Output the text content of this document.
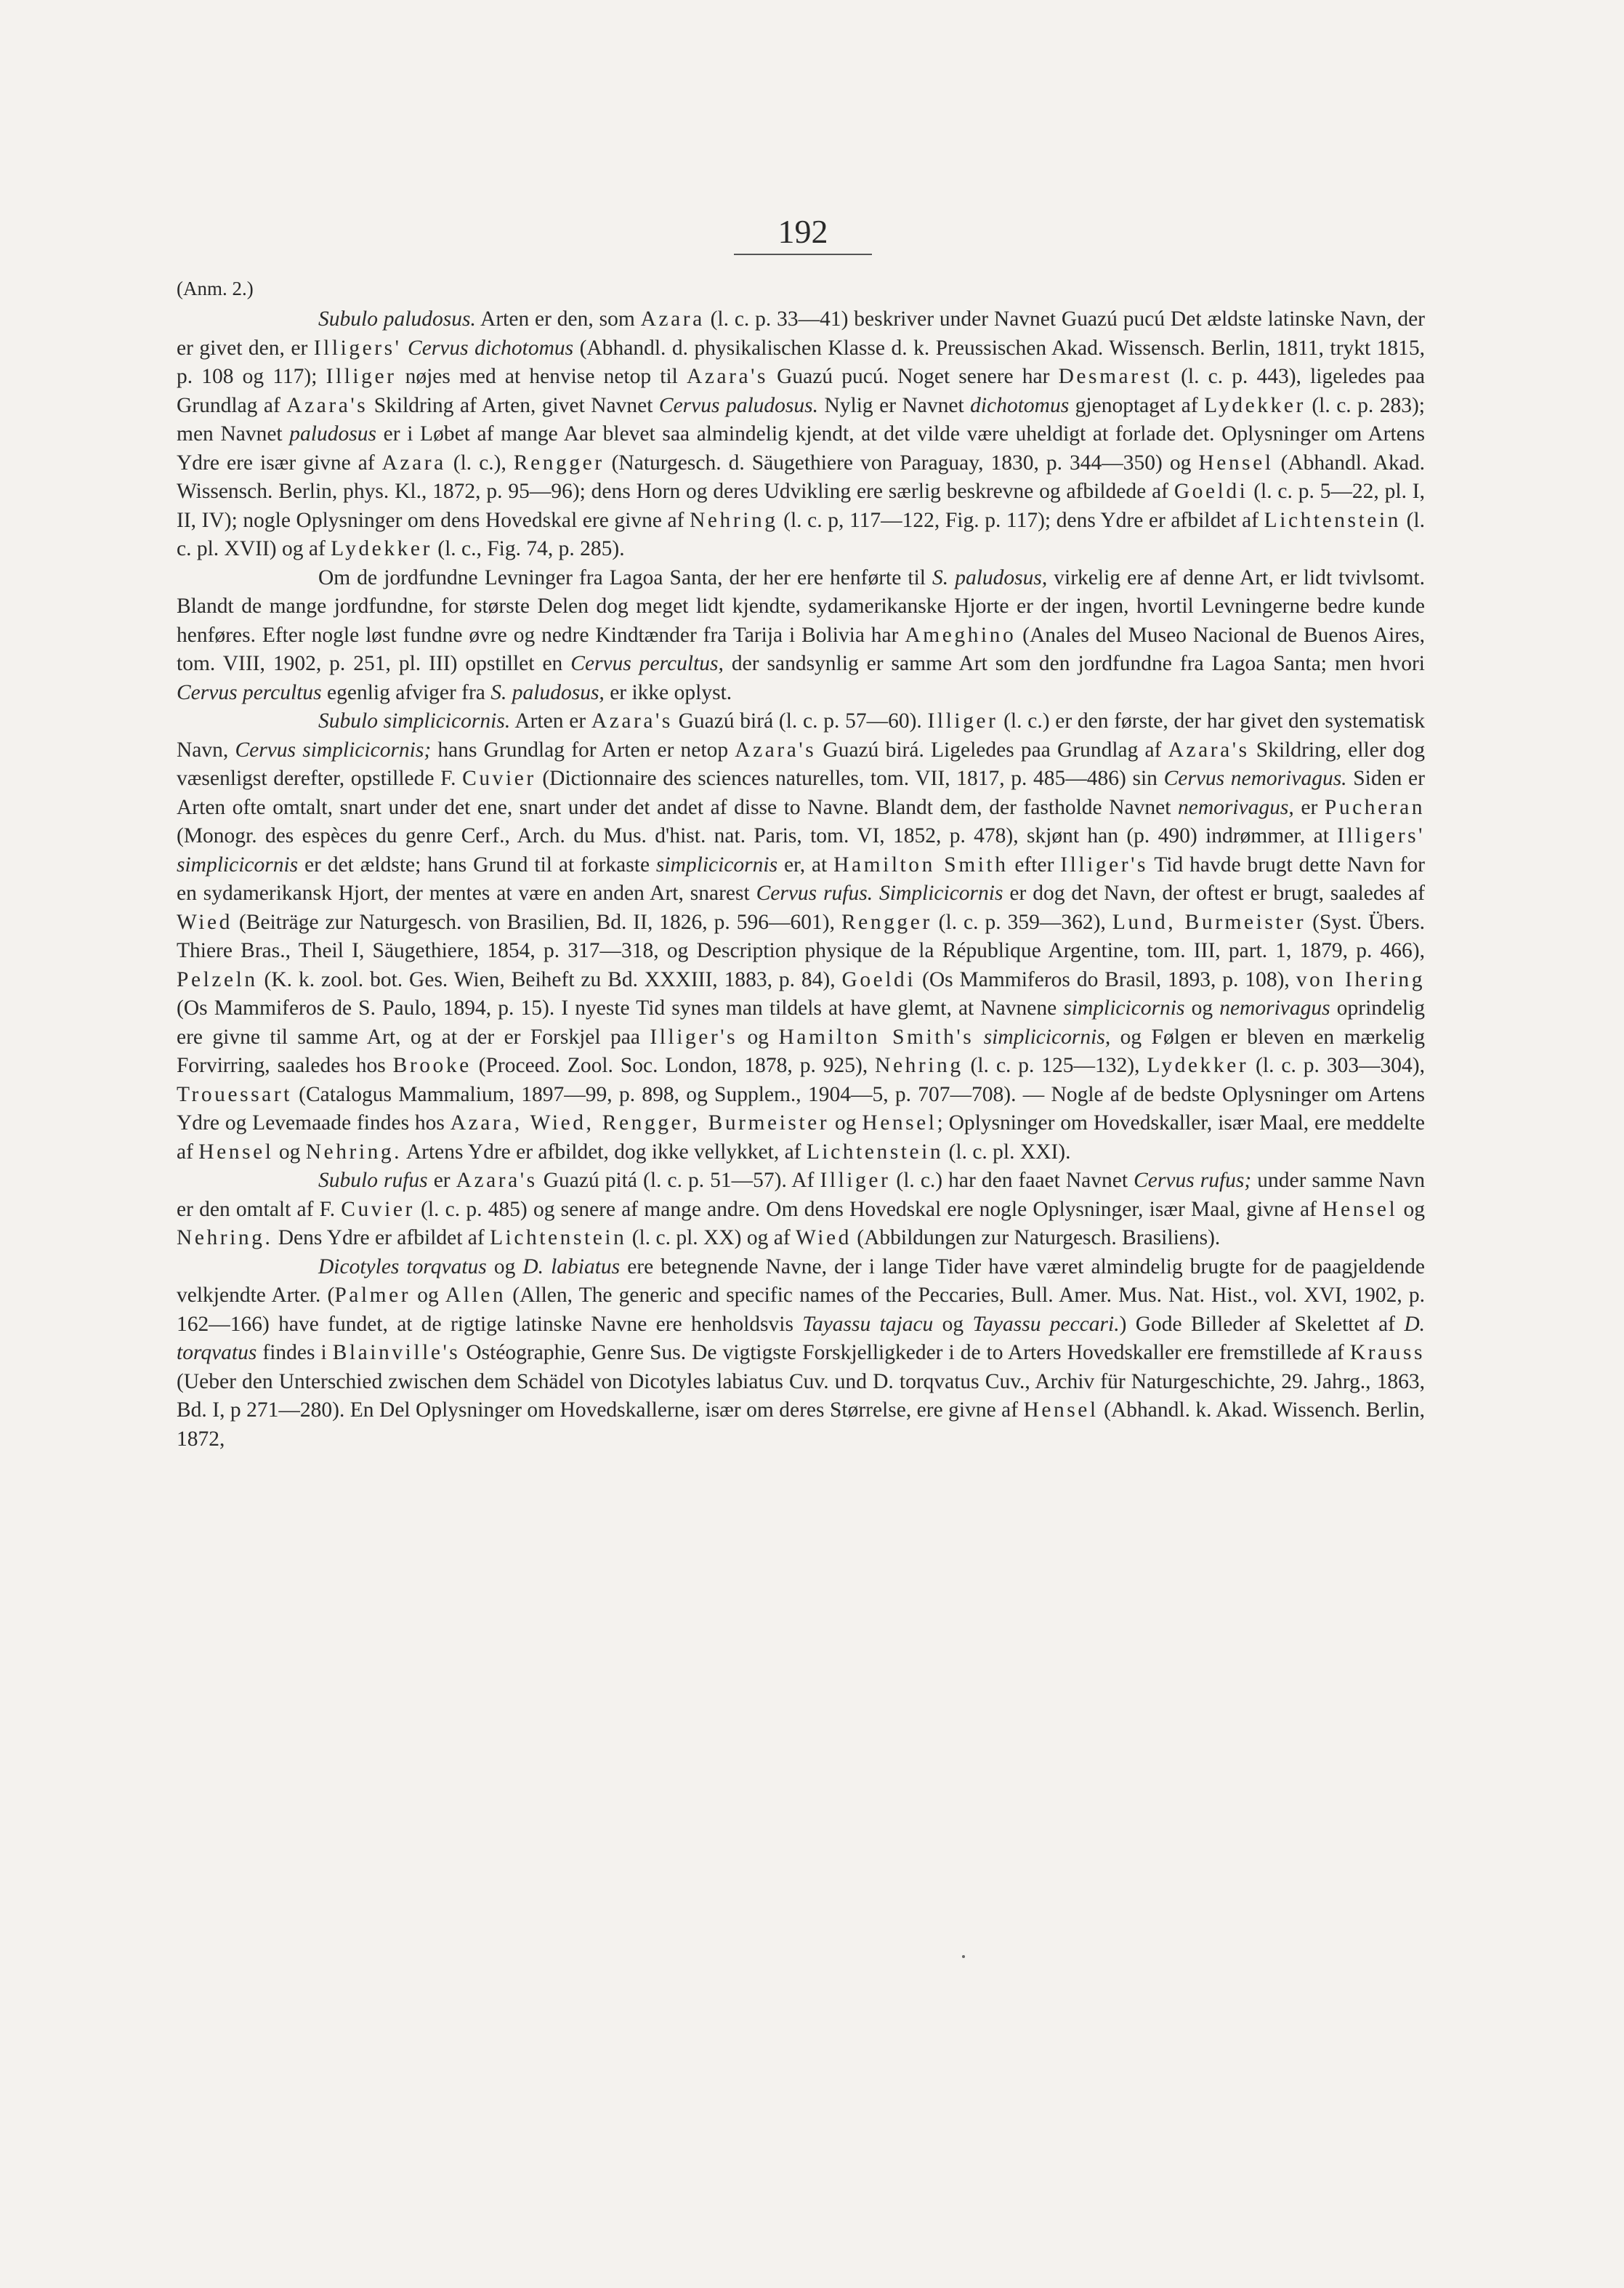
192
(Anm. 2.)

Subulo paludosus. Arten er den, som Azara (l. c. p. 33—41) beskriver under Navnet Guazú pucú Det ældste latinske Navn, der er givet den, er Illigers' Cervus dichotomus (Abhandl. d. physikalischen Klasse d. k. Preussischen Akad. Wissensch. Berlin, 1811, trykt 1815, p. 108 og 117); Illiger nøjes med at henvise netop til Azara's Guazú pucú. Noget senere har Desmarest (l. c. p. 443), ligeledes paa Grundlag af Azara's Skildring af Arten, givet Navnet Cervus paludosus. Nylig er Navnet dichotomus gjenoptaget af Lydekker (l. c. p. 283); men Navnet paludosus er i Løbet af mange Aar blevet saa almindelig kjendt, at det vilde være uheldigt at forlade det. Oplysninger om Artens Ydre ere især givne af Azara (l. c.), Rengger (Naturgesch. d. Säugethiere von Paraguay, 1830, p. 344—350) og Hensel (Abhandl. Akad. Wissensch. Berlin, phys. Kl., 1872, p. 95—96); dens Horn og deres Udvikling ere særlig beskrevne og afbildede af Goeldi (l. c. p. 5—22, pl. I, II, IV); nogle Oplysninger om dens Hovedskal ere givne af Nehring (l. c. p, 117—122, Fig. p. 117); dens Ydre er afbildet af Lichtenstein (l. c. pl. XVII) og af Lydekker (l. c., Fig. 74, p. 285).

Om de jordfundne Levninger fra Lagoa Santa, der her ere henførte til S. paludosus, virkelig ere af denne Art, er lidt tvivlsomt. Blandt de mange jordfundne, for største Delen dog meget lidt kjendte, sydamerikanske Hjorte er der ingen, hvortil Levningerne bedre kunde henføres. Efter nogle løst fundne øvre og nedre Kindtænder fra Tarija i Bolivia har Ameghino (Anales del Museo Nacional de Buenos Aires, tom. VIII, 1902, p. 251, pl. III) opstillet en Cervus percultus, der sandsynlig er samme Art som den jordfundne fra Lagoa Santa; men hvori Cervus percultus egenlig afviger fra S. paludosus, er ikke oplyst.

Subulo simplicicornis. Arten er Azara's Guazú birá (l. c. p. 57—60). Illiger (l. c.) er den første, der har givet den systematisk Navn, Cervus simplicicornis; hans Grundlag for Arten er netop Azara's Guazú birá. Ligeledes paa Grundlag af Azara's Skildring, eller dog væsenligst derefter, opstillede F. Cuvier (Dictionnaire des sciences naturelles, tom. VII, 1817, p. 485—486) sin Cervus nemorivagus. Siden er Arten ofte omtalt, snart under det ene, snart under det andet af disse to Navne. Blandt dem, der fastholde Navnet nemorivagus, er Pucheran (Monogr. des espèces du genre Cerf., Arch. du Mus. d'hist. nat. Paris, tom. VI, 1852, p. 478), skjønt han (p. 490) indrømmer, at Illigers' simplicicornis er det ældste; hans Grund til at forkaste simplicicornis er, at Hamilton Smith efter Illiger's Tid havde brugt dette Navn for en sydamerikansk Hjort, der mentes at være en anden Art, snarest Cervus rufus. Simplicicornis er dog det Navn, der oftest er brugt, saaledes af Wied (Beiträge zur Naturgesch. von Brasilien, Bd. II, 1826, p. 596—601), Rengger (l. c. p. 359—362), Lund, Burmeister (Syst. Übers. Thiere Bras., Theil I, Säugethiere, 1854, p. 317—318, og Description physique de la République Argentine, tom. III, part. 1, 1879, p. 466), Pelzeln (K. k. zool. bot. Ges. Wien, Beiheft zu Bd. XXXIII, 1883, p. 84), Goeldi (Os Mammiferos do Brasil, 1893, p. 108), von Ihering (Os Mammiferos de S. Paulo, 1894, p. 15). I nyeste Tid synes man tildels at have glemt, at Navnene simplicicornis og nemorivagus oprindelig ere givne til samme Art, og at der er Forskjel paa Illiger's og Hamilton Smith's simplicicornis, og Følgen er bleven en mærkelig Forvirring, saaledes hos Brooke (Proceed. Zool. Soc. London, 1878, p. 925), Nehring (l. c. p. 125—132), Lydekker (l. c. p. 303—304), Trouessart (Catalogus Mammalium, 1897—99, p. 898, og Supplem., 1904—5, p. 707—708). — Nogle af de bedste Oplysninger om Artens Ydre og Levemaade findes hos Azara, Wied, Rengger, Burmeister og Hensel; Oplysninger om Hovedskaller, især Maal, ere meddelte af Hensel og Nehring. Artens Ydre er afbildet, dog ikke vellykket, af Lichtenstein (l. c. pl. XXI).

Subulo rufus er Azara's Guazú pitá (l. c. p. 51—57). Af Illiger (l. c.) har den faaet Navnet Cervus rufus; under samme Navn er den omtalt af F. Cuvier (l. c. p. 485) og senere af mange andre. Om dens Hovedskal ere nogle Oplysninger, især Maal, givne af Hensel og Nehring. Dens Ydre er afbildet af Lichtenstein (l. c. pl. XX) og af Wied (Abbildungen zur Naturgesch. Brasiliens).

Dicotyles torqvatus og D. labiatus ere betegnende Navne, der i lange Tider have været almindelig brugte for de paagjeldende velkjendte Arter. (Palmer og Allen (Allen, The generic and specific names of the Peccaries, Bull. Amer. Mus. Nat. Hist., vol. XVI, 1902, p. 162—166) have fundet, at de rigtige latinske Navne ere henholdsvis Tayassu tajacu og Tayassu peccari.) Gode Billeder af Skelettet af D. torqvatus findes i Blainville's Ostéographie, Genre Sus. De vigtigste Forskjelligkeder i de to Arters Hovedskaller ere fremstillede af Krauss (Ueber den Unterschied zwischen dem Schädel von Dicotyles labiatus Cuv. und D. torqvatus Cuv., Archiv für Naturgeschichte, 29. Jahrg., 1863, Bd. I, p 271—280). En Del Oplysninger om Hovedskallerne, især om deres Størrelse, ere givne af Hensel (Abhandl. k. Akad. Wissench. Berlin, 1872,
